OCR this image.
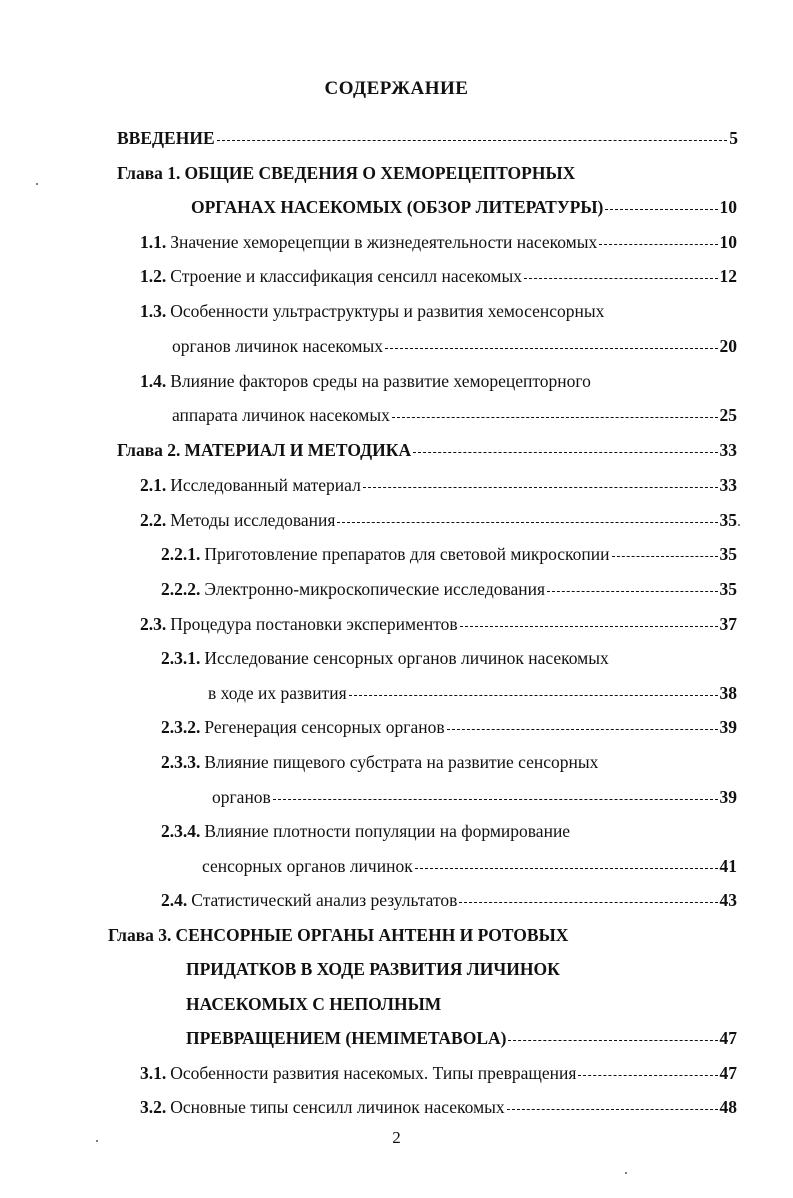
СОДЕРЖАНИЕ
ВВЕДЕНИЕ	5
Глава 1. ОБЩИЕ СВЕДЕНИЯ О ХЕМОРЕЦЕПТОРНЫХ
ОРГАНАХ НАСЕКОМЫХ (ОБЗОР ЛИТЕРАТУРЫ)	10
1.1. Значение хеморецепции в жизнедеятельности насекомых	10
1.2. Строение и классификация сенсилл насекомых	12
1.3. Особенности ультраструктуры и развития хемосенсорных
органов личинок насекомых	20
1.4. Влияние факторов среды на развитие хеморецепторного
аппарата личинок насекомых	25
Глава 2. МАТЕРИАЛ И МЕТОДИКА	33
2.1. Исследованный материал	33
2.2. Методы исследования	35
2.2.1. Приготовление препаратов для световой микроскопии	35
2.2.2. Электронно-микроскопические исследования	35
2.3. Процедура постановки экспериментов	37
2.3.1. Исследование сенсорных органов личинок насекомых
в ходе их развития	38
2.3.2. Регенерация сенсорных органов	39
2.3.3. Влияние пищевого субстрата на развитие сенсорных
органов	39
2.3.4. Влияние плотности популяции на формирование
сенсорных органов личинок	41
2.4. Статистический анализ результатов	43
Глава 3. СЕНСОРНЫЕ ОРГАНЫ АНТЕНН И РОТОВЫХ
ПРИДАТКОВ В ХОДЕ РАЗВИТИЯ ЛИЧИНОК
НАСЕКОМЫХ С НЕПОЛНЫМ
ПРЕВРАЩЕНИЕМ (HEMIMETABOLA)	47
3.1. Особенности развития насекомых. Типы превращения	47
3.2. Основные типы сенсилл личинок насекомых	48
2
